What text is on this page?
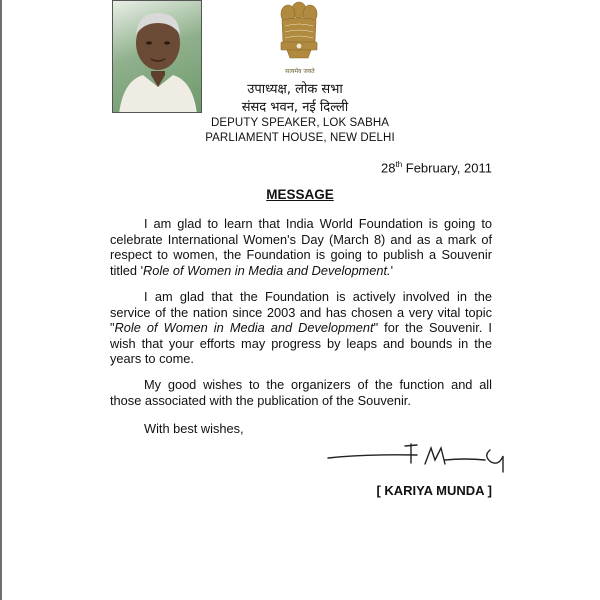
सत्यमेव जयते
उपाध्यक्ष, लोक सभा
संसद भवन, नई दिल्ली
DEPUTY SPEAKER, LOK SABHA
PARLIAMENT HOUSE, NEW DELHI
28th February, 2011
MESSAGE

I am glad to learn that India World Foundation is going to celebrate International Women's Day (March 8) and as a mark of respect to women, the Foundation is going to publish a Souvenir titled 'Role of Women in Media and Development.'

I am glad that the Foundation is actively involved in the service of the nation since 2003 and has chosen a very vital topic "Role of Women in Media and Development" for the Souvenir. I wish that your efforts may progress by leaps and bounds in the years to come.

My good wishes to the organizers of the function and all those associated with the publication of the Souvenir.

With best wishes,

[ KARIYA MUNDA ]
